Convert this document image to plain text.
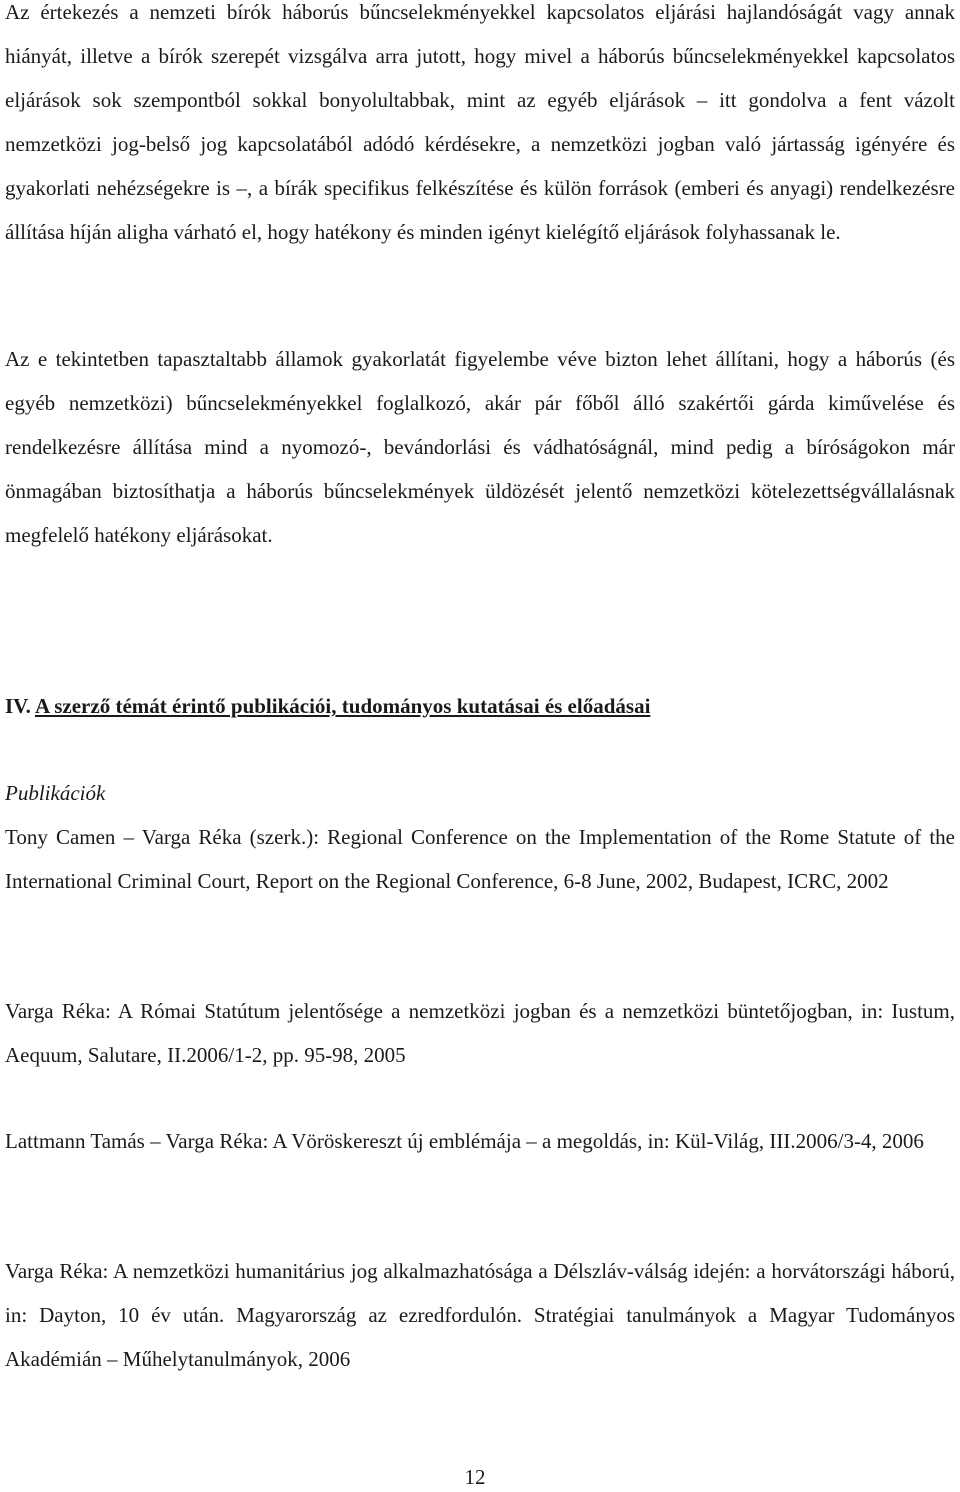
Az értekezés a nemzeti bírók háborús bűncselekményekkel kapcsolatos eljárási hajlandóságát vagy annak hiányát, illetve a bírók szerepét vizsgálva arra jutott, hogy mivel a háborús bűncselekményekkel kapcsolatos eljárások sok szempontból sokkal bonyolultabbak, mint az egyéb eljárások – itt gondolva a fent vázolt nemzetközi jog-belső jog kapcsolatából adódó kérdésekre, a nemzetközi jogban való jártasság igényére és gyakorlati nehézségekre is –, a bírák specifikus felkészítése és külön források (emberi és anyagi) rendelkezésre állítása híján aligha várható el, hogy hatékony és minden igényt kielégítő eljárások folyhassanak le.

Az e tekintetben tapasztaltabb államok gyakorlatát figyelembe véve bizton lehet állítani, hogy a háborús (és egyéb nemzetközi) bűncselekményekkel foglalkozó, akár pár főből álló szakértői gárda kiművelése és rendelkezésre állítása mind a nyomozó-, bevándorlási és vádhatóságnál, mind pedig a bíróságokon már önmagában biztosíthatja a háborús bűncselekmények üldözését jelentő nemzetközi kötelezettségvállalásnak megfelelő hatékony eljárásokat.

IV. A szerző témát érintő publikációi, tudományos kutatásai és előadásai

Publikációk

Tony Camen – Varga Réka (szerk.): Regional Conference on the Implementation of the Rome Statute of the International Criminal Court, Report on the Regional Conference, 6-8 June, 2002, Budapest, ICRC, 2002

Varga Réka: A Római Statútum jelentősége a nemzetközi jogban és a nemzetközi büntetőjogban, in: Iustum, Aequum, Salutare, II.2006/1-2, pp. 95-98, 2005

Lattmann Tamás – Varga Réka: A Vöröskereszt új emblémája – a megoldás, in: Kül-Világ, III.2006/3-4, 2006

Varga Réka: A nemzetközi humanitárius jog alkalmazhatósága a Délszláv-válság idején: a horvátországi háború, in: Dayton, 10 év után. Magyarország az ezredfordulón. Stratégiai tanulmányok a Magyar Tudományos Akadémián – Műhelytanulmányok, 2006

12
